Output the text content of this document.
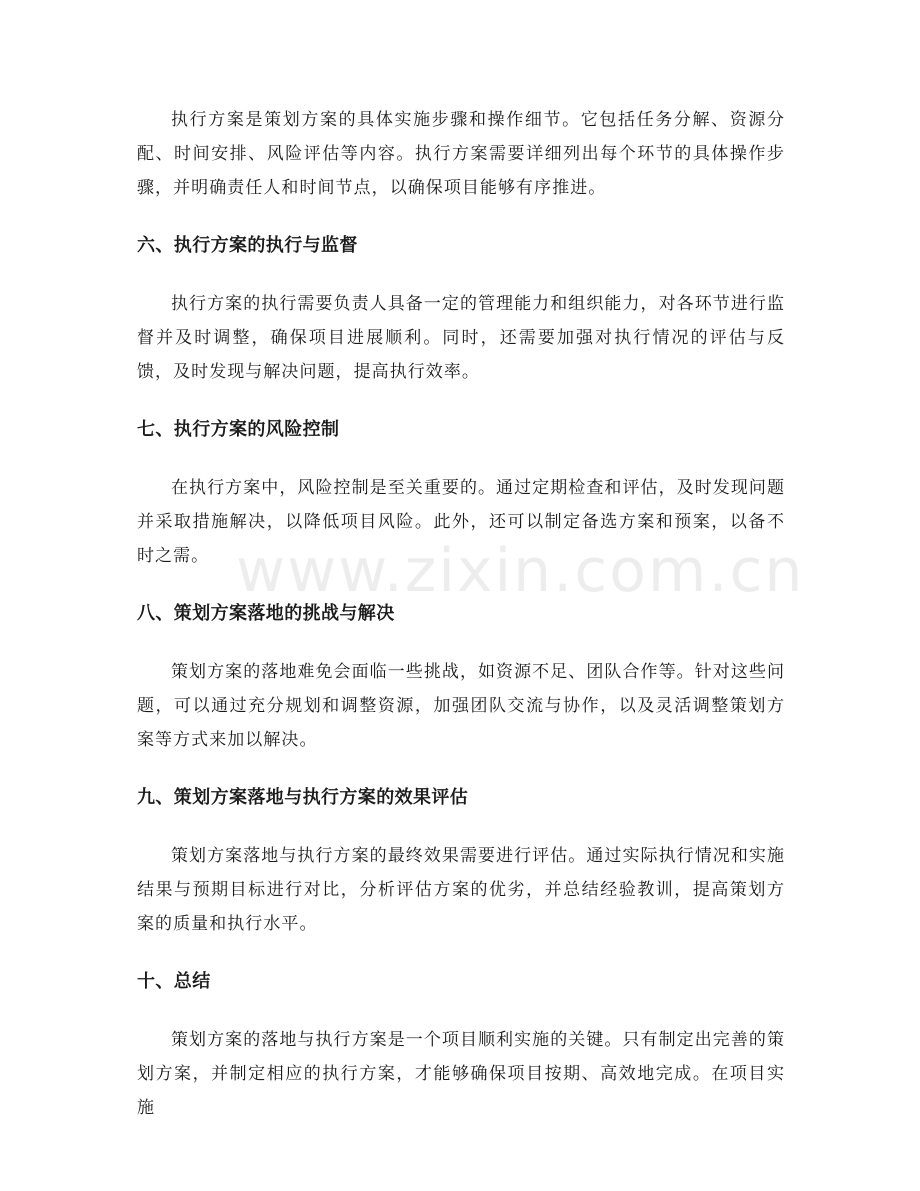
www.zixin.com.cn

执行方案是策划方案的具体实施步骤和操作细节。它包括任务分解、资源分配、时间安排、风险评估等内容。执行方案需要详细列出每个环节的具体操作步骤，并明确责任人和时间节点，以确保项目能够有序推进。

六、执行方案的执行与监督

执行方案的执行需要负责人具备一定的管理能力和组织能力，对各环节进行监督并及时调整，确保项目进展顺利。同时，还需要加强对执行情况的评估与反馈，及时发现与解决问题，提高执行效率。

七、执行方案的风险控制

在执行方案中，风险控制是至关重要的。通过定期检查和评估，及时发现问题并采取措施解决，以降低项目风险。此外，还可以制定备选方案和预案，以备不时之需。

八、策划方案落地的挑战与解决

策划方案的落地难免会面临一些挑战，如资源不足、团队合作等。针对这些问题，可以通过充分规划和调整资源，加强团队交流与协作，以及灵活调整策划方案等方式来加以解决。

九、策划方案落地与执行方案的效果评估

策划方案落地与执行方案的最终效果需要进行评估。通过实际执行情况和实施结果与预期目标进行对比，分析评估方案的优劣，并总结经验教训，提高策划方案的质量和执行水平。

十、总结

策划方案的落地与执行方案是一个项目顺利实施的关键。只有制定出完善的策划方案，并制定相应的执行方案，才能够确保项目按期、高效地完成。在项目实施
